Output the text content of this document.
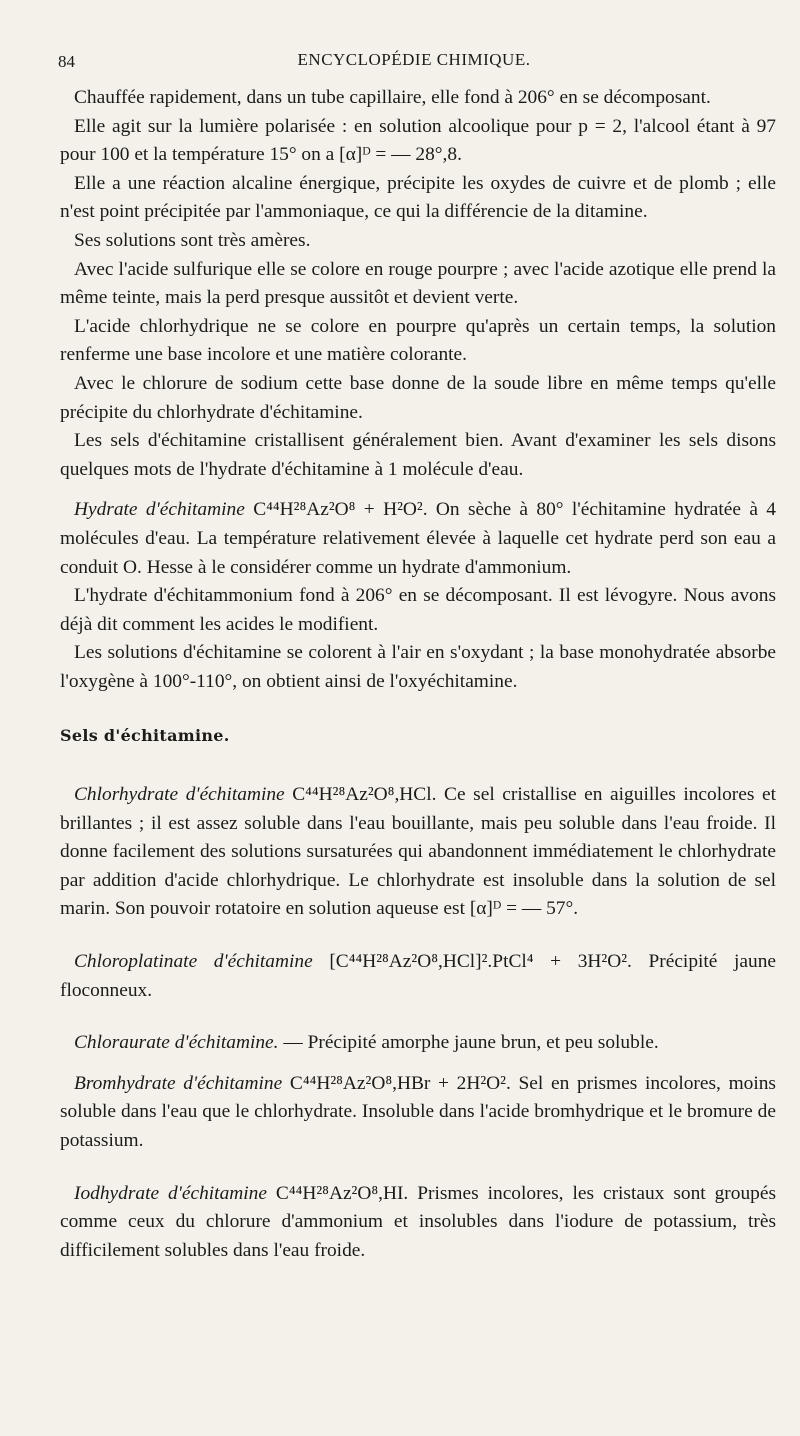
84	ENCYCLOPÉDIE CHIMIQUE.

Chauffée rapidement, dans un tube capillaire, elle fond à 206° en se décomposant.

Elle agit sur la lumière polarisée : en solution alcoolique pour p = 2, l'alcool étant à 97 pour 100 et la température 15° on a [α]ᴰ = — 28°,8.

Elle a une réaction alcaline énergique, précipite les oxydes de cuivre et de plomb ; elle n'est point précipitée par l'ammoniaque, ce qui la différencie de la ditamine.

Ses solutions sont très amères.

Avec l'acide sulfurique elle se colore en rouge pourpre ; avec l'acide azotique elle prend la même teinte, mais la perd presque aussitôt et devient verte.

L'acide chlorhydrique ne se colore en pourpre qu'après un certain temps, la solution renferme une base incolore et une matière colorante.

Avec le chlorure de sodium cette base donne de la soude libre en même temps qu'elle précipite du chlorhydrate d'échitamine.

Les sels d'échitamine cristallisent généralement bien. Avant d'examiner les sels disons quelques mots de l'hydrate d'échitamine à 1 molécule d'eau.

Hydrate d'échitamine C⁴⁴H²⁸Az²O⁸ + H²O². On sèche à 80° l'échitamine hydratée à 4 molécules d'eau. La température relativement élevée à laquelle cet hydrate perd son eau a conduit O. Hesse à le considérer comme un hydrate d'ammonium.

L'hydrate d'échitammonium fond à 206° en se décomposant. Il est lévogyre. Nous avons déjà dit comment les acides le modifient.

Les solutions d'échitamine se colorent à l'air en s'oxydant ; la base monohydratée absorbe l'oxygène à 100°-110°, on obtient ainsi de l'oxyéchitamine.

Sels d'échitamine.

Chlorhydrate d'échitamine C⁴⁴H²⁸Az²O⁸,HCl. Ce sel cristallise en aiguilles incolores et brillantes ; il est assez soluble dans l'eau bouillante, mais peu soluble dans l'eau froide. Il donne facilement des solutions sursaturées qui abandonnent immédiatement le chlorhydrate par addition d'acide chlorhydrique. Le chlorhydrate est insoluble dans la solution de sel marin. Son pouvoir rotatoire en solution aqueuse est [α]ᴰ = — 57°.

Chloroplatinate d'échitamine [C⁴⁴H²⁸Az²O⁸,HCl]².PtCl⁴ + 3H²O². Précipité jaune floconneux.

Chloraurate d'échitamine. — Précipité amorphe jaune brun, et peu soluble.

Bromhydrate d'échitamine C⁴⁴H²⁸Az²O⁸,HBr + 2H²O². Sel en prismes incolores, moins soluble dans l'eau que le chlorhydrate. Insoluble dans l'acide bromhydrique et le bromure de potassium.

Iodhydrate d'échitamine C⁴⁴H²⁸Az²O⁸,HI. Prismes incolores, les cristaux sont groupés comme ceux du chlorure d'ammonium et insolubles dans l'iodure de potassium, très difficilement solubles dans l'eau froide.
